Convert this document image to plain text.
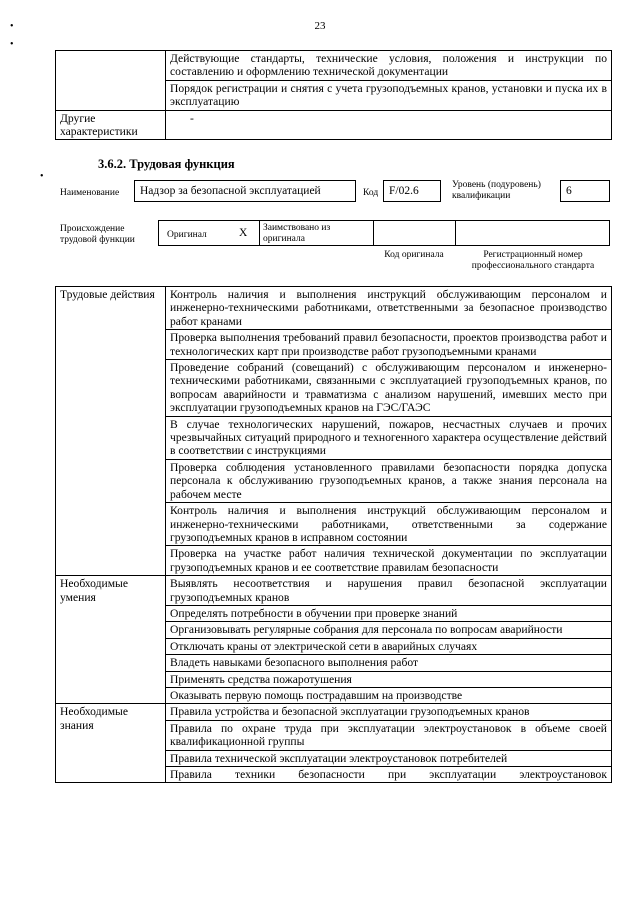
23
•
•
•
	Действующие стандарты, технические условия, положения и инструкции по составлению и оформлению технической документации
	Порядок регистрации и снятия с учета грузоподъемных кранов, установки и пуска их в эксплуатацию
Другие характеристики	-
3.6.2. Трудовая функция
Наименование	Надзор за безопасной эксплуатацией	Код F/02.6	Уровень (подуровень) квалификации	6
Происхождение трудовой функции	Оригинал	X Заимствовано из оригинала
Код оригинала	Регистрационный номер профессионального стандарта
Трудовые действия	Контроль наличия и выполнения инструкций обслуживающим персоналом и инженерно-техническими работниками, ответственными за безопасное производство работ кранами
	Проверка выполнения требований правил безопасности, проектов производства работ и технологических карт при производстве работ грузоподъемными кранами
	Проведение собраний (совещаний) с обслуживающим персоналом и инженерно-техническими работниками, связанными с эксплуатацией грузоподъемных кранов, по вопросам аварийности и травматизма с анализом нарушений, имевших место при эксплуатации грузоподъемных кранов на ГЭС/ГАЭС
	В случае технологических нарушений, пожаров, несчастных случаев и прочих чрезвычайных ситуаций природного и техногенного характера осуществление действий в соответствии с инструкциями
	Проверка соблюдения установленного правилами безопасности порядка допуска персонала к обслуживанию грузоподъемных кранов, а также знания персонала на рабочем месте
	Контроль наличия и выполнения инструкций обслуживающим персоналом и инженерно-техническими работниками, ответственными за содержание грузоподъемных кранов в исправном состоянии
	Проверка на участке работ наличия технической документации по эксплуатации грузоподъемных кранов и ее соответствие правилам безопасности
Необходимые умения	Выявлять несоответствия и нарушения правил безопасной эксплуатации грузоподъемных кранов
	Определять потребности в обучении при проверке знаний
	Организовывать регулярные собрания для персонала по вопросам аварийности
	Отключать краны от электрической сети в аварийных случаях
	Владеть навыками безопасного выполнения работ
	Применять средства пожаротушения
	Оказывать первую помощь пострадавшим на производстве
Необходимые знания	Правила устройства и безопасной эксплуатации грузоподъемных кранов
	Правила по охране труда при эксплуатации электроустановок в объеме своей квалификационной группы
	Правила технической эксплуатации электроустановок потребителей
	Правила техники безопасности при эксплуатации электроустановок
